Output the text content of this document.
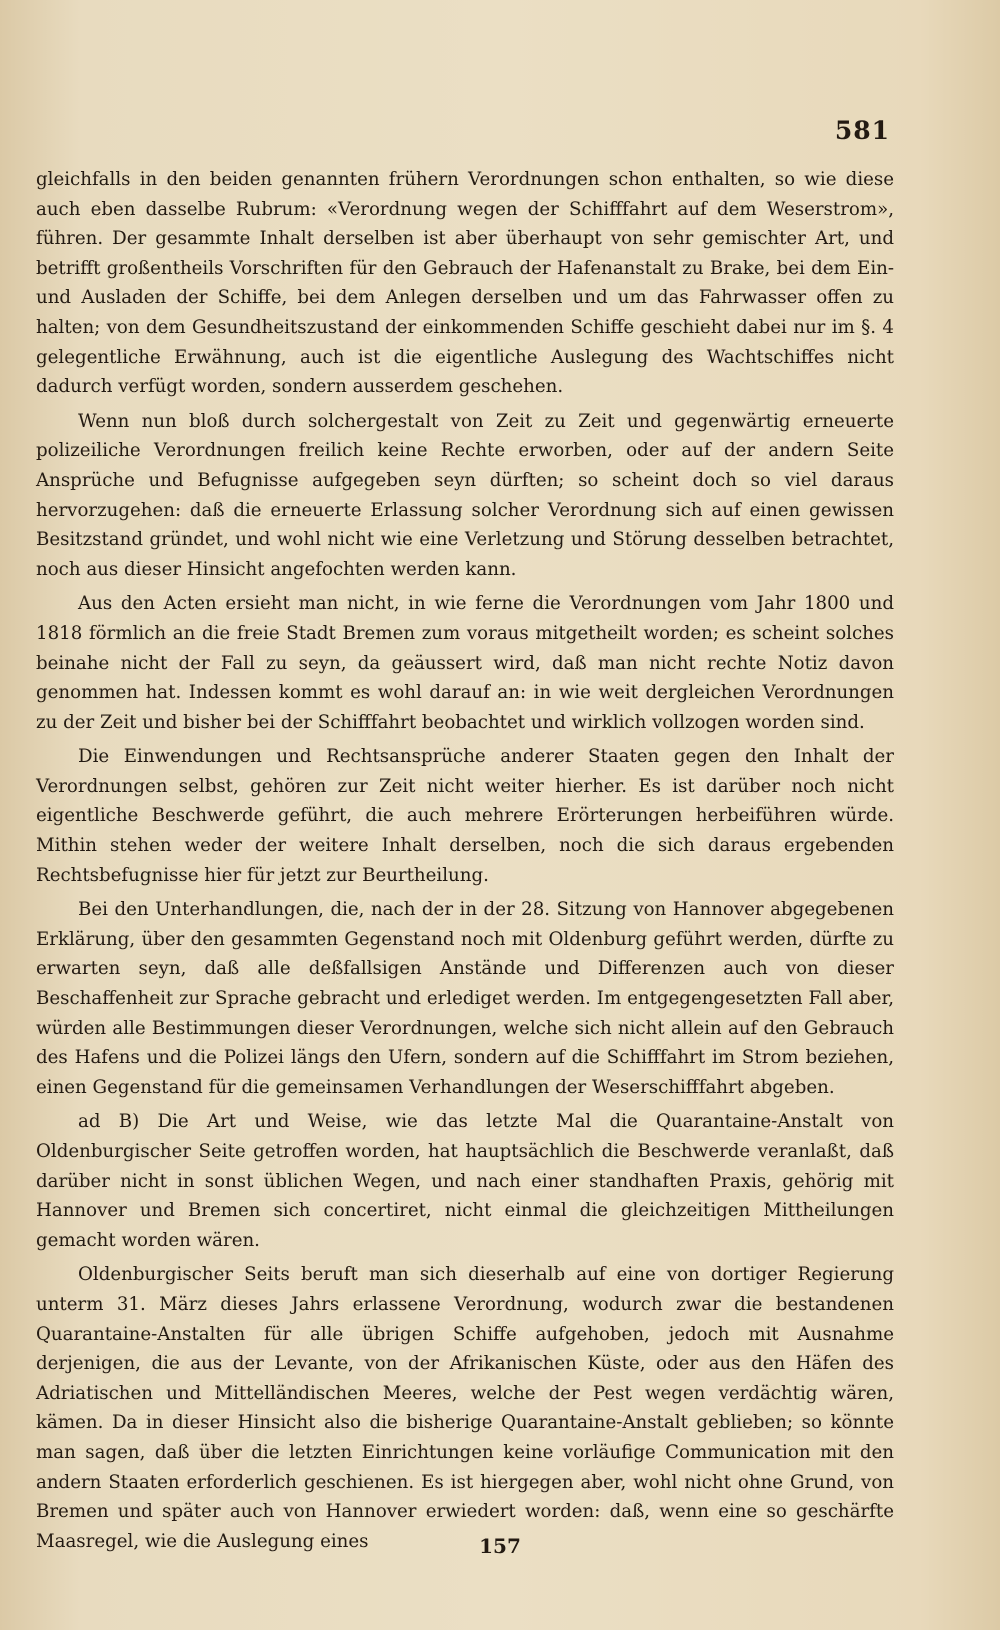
581

gleichfalls in den beiden genannten frühern Verordnungen schon enthalten, so wie diese auch eben dasselbe Rubrum: «Verordnung wegen der Schifffahrt auf dem Weserstrom», führen. Der gesammte Inhalt derselben ist aber überhaupt von sehr gemischter Art, und betrifft großentheils Vorschriften für den Gebrauch der Hafenanstalt zu Brake, bei dem Ein- und Ausladen der Schiffe, bei dem Anlegen derselben und um das Fahrwasser offen zu halten; von dem Gesundheitszustand der einkommenden Schiffe geschieht dabei nur im §. 4 gelegentliche Erwähnung, auch ist die eigentliche Auslegung des Wachtschiffes nicht dadurch verfügt worden, sondern ausserdem geschehen.

Wenn nun bloß durch solchergestalt von Zeit zu Zeit und gegenwärtig erneuerte polizeiliche Verordnungen freilich keine Rechte erworben, oder auf der andern Seite Ansprüche und Befugnisse aufgegeben seyn dürften; so scheint doch so viel daraus hervorzugehen: daß die erneuerte Erlassung solcher Verordnung sich auf einen gewissen Besitzstand gründet, und wohl nicht wie eine Verletzung und Störung desselben betrachtet, noch aus dieser Hinsicht angefochten werden kann.

Aus den Acten ersieht man nicht, in wie ferne die Verordnungen vom Jahr 1800 und 1818 förmlich an die freie Stadt Bremen zum voraus mitgetheilt worden; es scheint solches beinahe nicht der Fall zu seyn, da geäussert wird, daß man nicht rechte Notiz davon genommen hat. Indessen kommt es wohl darauf an: in wie weit dergleichen Verordnungen zu der Zeit und bisher bei der Schifffahrt beobachtet und wirklich vollzogen worden sind.

Die Einwendungen und Rechtsansprüche anderer Staaten gegen den Inhalt der Verordnungen selbst, gehören zur Zeit nicht weiter hierher. Es ist darüber noch nicht eigentliche Beschwerde geführt, die auch mehrere Erörterungen herbeiführen würde. Mithin stehen weder der weitere Inhalt derselben, noch die sich daraus ergebenden Rechtsbefugnisse hier für jetzt zur Beurtheilung.

Bei den Unterhandlungen, die, nach der in der 28. Sitzung von Hannover abgegebenen Erklärung, über den gesammten Gegenstand noch mit Oldenburg geführt werden, dürfte zu erwarten seyn, daß alle deßfallsigen Anstände und Differenzen auch von dieser Beschaffenheit zur Sprache gebracht und erlediget werden. Im entgegengesetzten Fall aber, würden alle Bestimmungen dieser Verordnungen, welche sich nicht allein auf den Gebrauch des Hafens und die Polizei längs den Ufern, sondern auf die Schifffahrt im Strom beziehen, einen Gegenstand für die gemeinsamen Verhandlungen der Weserschifffahrt abgeben.

ad B) Die Art und Weise, wie das letzte Mal die Quarantaine-Anstalt von Oldenburgischer Seite getroffen worden, hat hauptsächlich die Beschwerde veranlaßt, daß darüber nicht in sonst üblichen Wegen, und nach einer standhaften Praxis, gehörig mit Hannover und Bremen sich concertiret, nicht einmal die gleichzeitigen Mittheilungen gemacht worden wären.

Oldenburgischer Seits beruft man sich dieserhalb auf eine von dortiger Regierung unterm 31. März dieses Jahrs erlassene Verordnung, wodurch zwar die bestandenen Quarantaine-Anstalten für alle übrigen Schiffe aufgehoben, jedoch mit Ausnahme derjenigen, die aus der Levante, von der Afrikanischen Küste, oder aus den Häfen des Adriatischen und Mittelländischen Meeres, welche der Pest wegen verdächtig wären, kämen. Da in dieser Hinsicht also die bisherige Quarantaine-Anstalt geblieben; so könnte man sagen, daß über die letzten Einrichtungen keine vorläufige Communication mit den andern Staaten erforderlich geschienen. Es ist hiergegen aber, wohl nicht ohne Grund, von Bremen und später auch von Hannover erwiedert worden: daß, wenn eine so geschärfte Maasregel, wie die Auslegung eines	157
